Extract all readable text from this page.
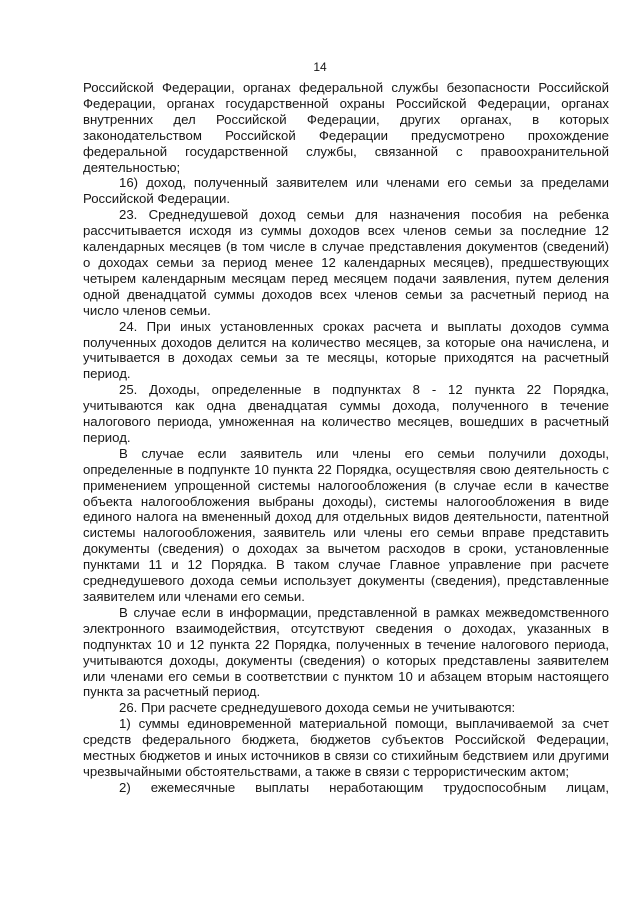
14

Российской Федерации, органах федеральной службы безопасности Российской Федерации, органах государственной охраны Российской Федерации, органах внутренних дел Российской Федерации, других органах, в которых законодательством Российской Федерации предусмотрено прохождение федеральной государственной службы, связанной с правоохранительной деятельностью;

16) доход, полученный заявителем или членами его семьи за пределами Российской Федерации.

23. Среднедушевой доход семьи для назначения пособия на ребенка рассчитывается исходя из суммы доходов всех членов семьи за последние 12 календарных месяцев (в том числе в случае представления документов (сведений) о доходах семьи за период менее 12 календарных месяцев), предшествующих четырем календарным месяцам перед месяцем подачи заявления, путем деления одной двенадцатой суммы доходов всех членов семьи за расчетный период на число членов семьи.

24. При иных установленных сроках расчета и выплаты доходов сумма полученных доходов делится на количество месяцев, за которые она начислена, и учитывается в доходах семьи за те месяцы, которые приходятся на расчетный период.

25. Доходы, определенные в подпунктах 8 - 12 пункта 22 Порядка, учитываются как одна двенадцатая суммы дохода, полученного в течение налогового периода, умноженная на количество месяцев, вошедших в расчетный период.

В случае если заявитель или члены его семьи получили доходы, определенные в подпункте 10 пункта 22 Порядка, осуществляя свою деятельность с применением упрощенной системы налогообложения (в случае если в качестве объекта налогообложения выбраны доходы), системы налогообложения в виде единого налога на вмененный доход для отдельных видов деятельности, патентной системы налогообложения, заявитель или члены его семьи вправе представить документы (сведения) о доходах за вычетом расходов в сроки, установленные пунктами 11 и 12 Порядка. В таком случае Главное управление при расчете среднедушевого дохода семьи использует документы (сведения), представленные заявителем или членами его семьи.

В случае если в информации, представленной в рамках межведомственного электронного взаимодействия, отсутствуют сведения о доходах, указанных в подпунктах 10 и 12 пункта 22 Порядка, полученных в течение налогового периода, учитываются доходы, документы (сведения) о которых представлены заявителем или членами его семьи в соответствии с пунктом 10 и абзацем вторым настоящего пункта за расчетный период.

26. При расчете среднедушевого дохода семьи не учитываются:

1) суммы единовременной материальной помощи, выплачиваемой за счет средств федерального бюджета, бюджетов субъектов Российской Федерации, местных бюджетов и иных источников в связи со стихийным бедствием или другими чрезвычайными обстоятельствами, а также в связи с террористическим актом;

2) ежемесячные выплаты неработающим трудоспособным лицам,
